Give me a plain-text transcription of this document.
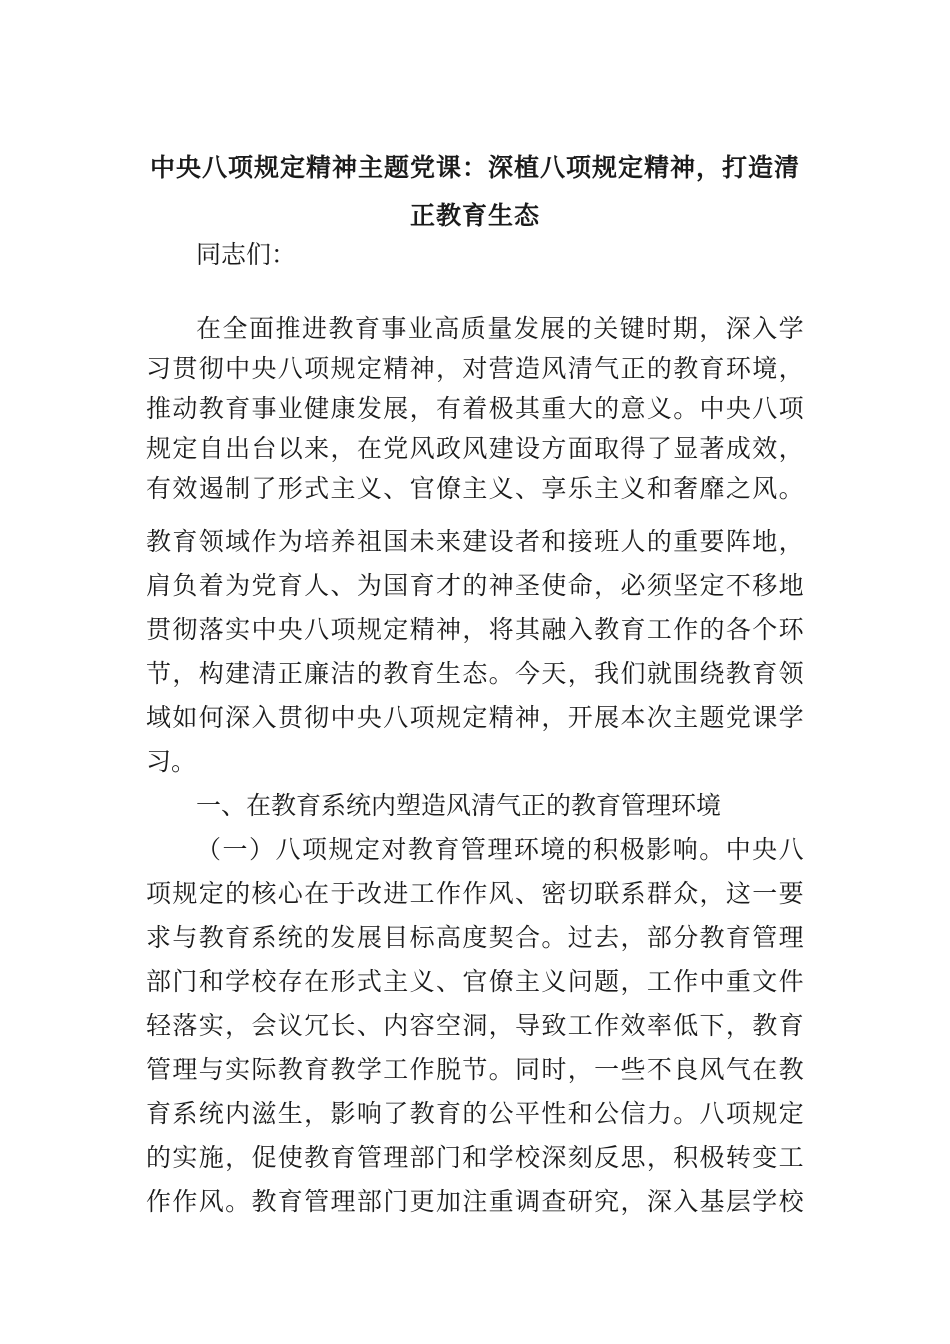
中央八项规定精神主题党课：深植八项规定精神，打造清
正教育生态

同志们：

在 全 面 推 进 教 育 事 业 高 质 量 发 展 的 关 键 时 期 ， 深 入 学

习 贯 彻 中 央 八 项 规 定 精 神 ， 对 营 造 风 清 气 正 的 教 育 环 境 ，

推 动 教 育 事 业 健 康 发 展 ， 有 着 极 其 重 大 的 意 义 。 中 央 八 项

规 定 自 出 台 以 来 ， 在 党 风 政 风 建 设 方 面 取 得 了 显 著 成 效 ，

有 效 遏 制 了 形 式 主 义 、 官 僚 主 义 、 享 乐 主 义 和 奢 靡 之 风 。

教 育 领 域 作 为 培 养 祖 国 未 来 建 设 者 和 接 班 人 的 重 要 阵 地 ，

肩 负 着 为 党 育 人 、 为 国 育 才 的 神 圣 使 命 ， 必 须 坚 定 不 移 地

贯 彻 落 实 中 央 八 项 规 定 精 神 ， 将 其 融 入 教 育 工 作 的 各 个 环

节 ， 构 建 清 正 廉 洁 的 教 育 生 态 。 今 天 ， 我 们 就 围 绕 教 育 领

域 如 何 深 入 贯 彻 中 央 八 项 规 定 精 神 ， 开 展 本 次 主 题 党 课 学

习。

一、在教育系统内塑造风清气正的教育管理环境

（ 一 ） 八 项 规 定 对 教 育 管 理 环 境 的 积 极 影 响 。 中 央 八

项 规 定 的 核 心 在 于 改 进 工 作 作 风 、 密 切 联 系 群 众 ， 这 一 要

求 与 教 育 系 统 的 发 展 目 标 高 度 契 合 。 过 去 ， 部 分 教 育 管 理

部 门 和 学 校 存 在 形 式 主 义 、 官 僚 主 义 问 题 ， 工 作 中 重 文 件

轻 落 实 ， 会 议 冗 长 、 内 容 空 洞 ， 导 致 工 作 效 率 低 下 ， 教 育

管 理 与 实 际 教 育 教 学 工 作 脱 节 。 同 时 ， 一 些 不 良 风 气 在 教

育 系 统 内 滋 生 ， 影 响 了 教 育 的 公 平 性 和 公 信 力 。 八 项 规 定

的 实 施 ， 促 使 教 育 管 理 部 门 和 学 校 深 刻 反 思 ， 积 极 转 变 工

作 作 风 。 教 育 管 理 部 门 更 加 注 重 调 查 研 究 ， 深 入 基 层 学 校
